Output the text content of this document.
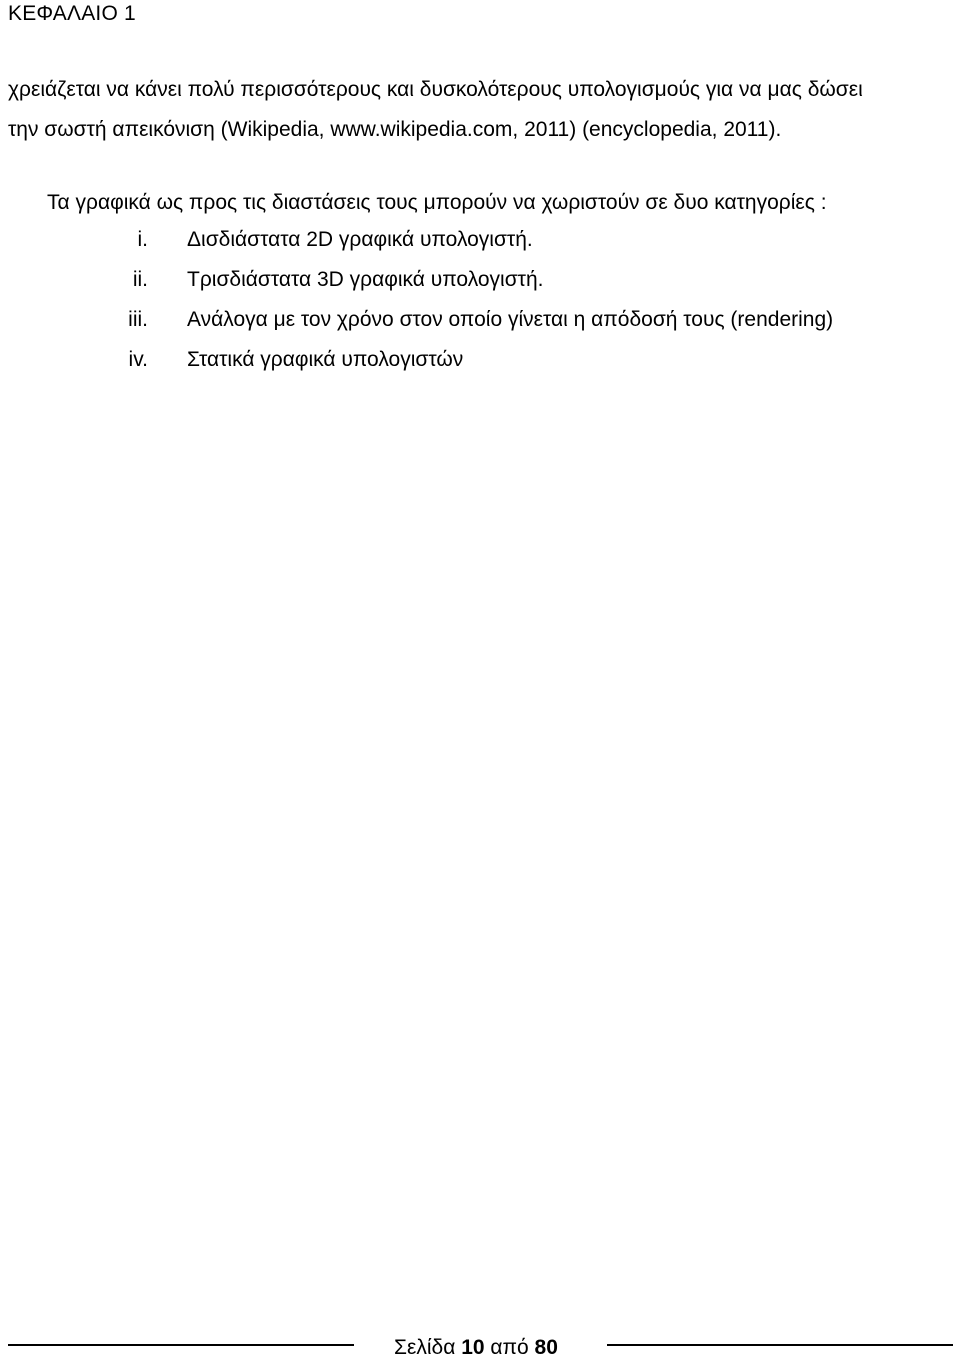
ΚΕΦΑΛΑΙΟ 1

χρειάζεται να κάνει πολύ περισσότερους και δυσκολότερους υπολογισμούς για να μας δώσει
την σωστή απεικόνιση (Wikipedia, www.wikipedia.com, 2011) (encyclopedia, 2011).

Τα γραφικά ως προς τις διαστάσεις τους μπορούν να χωριστούν σε δυο κατηγορίες :

i. Δισδιάστατα 2D γραφικά υπολογιστή.
ii. Τρισδιάστατα 3D γραφικά υπολογιστή.
iii. Ανάλογα με τον χρόνο στον οποίο γίνεται η απόδοσή τους (rendering)
iv. Στατικά γραφικά υπολογιστών
Σελίδα 10 από 80
